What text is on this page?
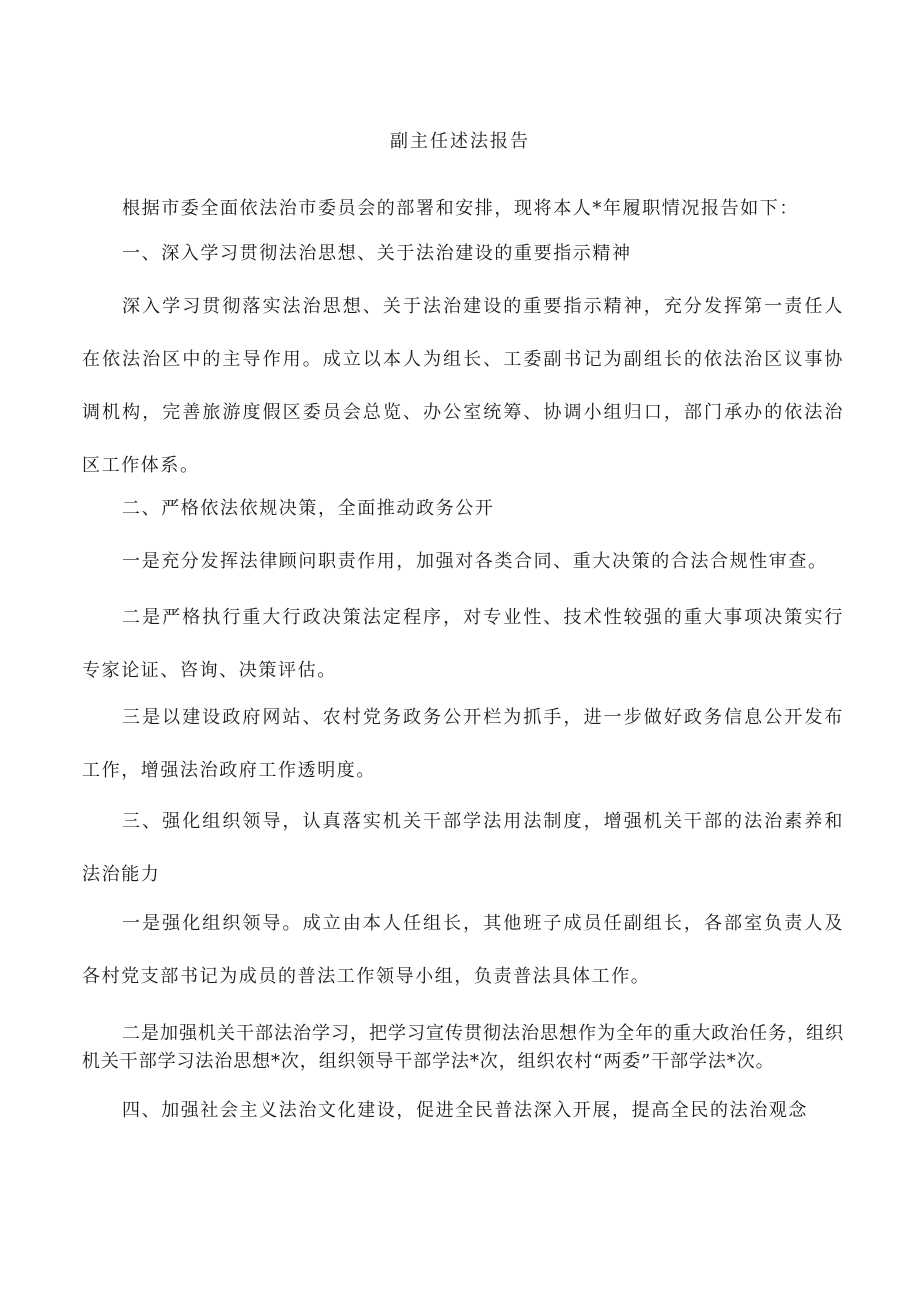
副主任述法报告

根据市委全面依法治市委员会的部署和安排，现将本人*年履职情况报告如下：

一、深入学习贯彻法治思想、关于法治建设的重要指示精神

深入学习贯彻落实法治思想、关于法治建设的重要指示精神，充分发挥第一责任人在依法治区中的主导作用。成立以本人为组长、工委副书记为副组长的依法治区议事协调机构，完善旅游度假区委员会总览、办公室统筹、协调小组归口，部门承办的依法治区工作体系。

二、严格依法依规决策，全面推动政务公开

一是充分发挥法律顾问职责作用，加强对各类合同、重大决策的合法合规性审查。

二是严格执行重大行政决策法定程序，对专业性、技术性较强的重大事项决策实行专家论证、咨询、决策评估。

三是以建设政府网站、农村党务政务公开栏为抓手，进一步做好政务信息公开发布工作，增强法治政府工作透明度。

三、强化组织领导，认真落实机关干部学法用法制度，增强机关干部的法治素养和法治能力

一是强化组织领导。成立由本人任组长，其他班子成员任副组长，各部室负责人及各村党支部书记为成员的普法工作领导小组，负责普法具体工作。

二是加强机关干部法治学习，把学习宣传贯彻法治思想作为全年的重大政治任务，组织机关干部学习法治思想*次，组织领导干部学法*次，组织农村“两委”干部学法*次。

四、加强社会主义法治文化建设，促进全民普法深入开展，提高全民的法治观念
